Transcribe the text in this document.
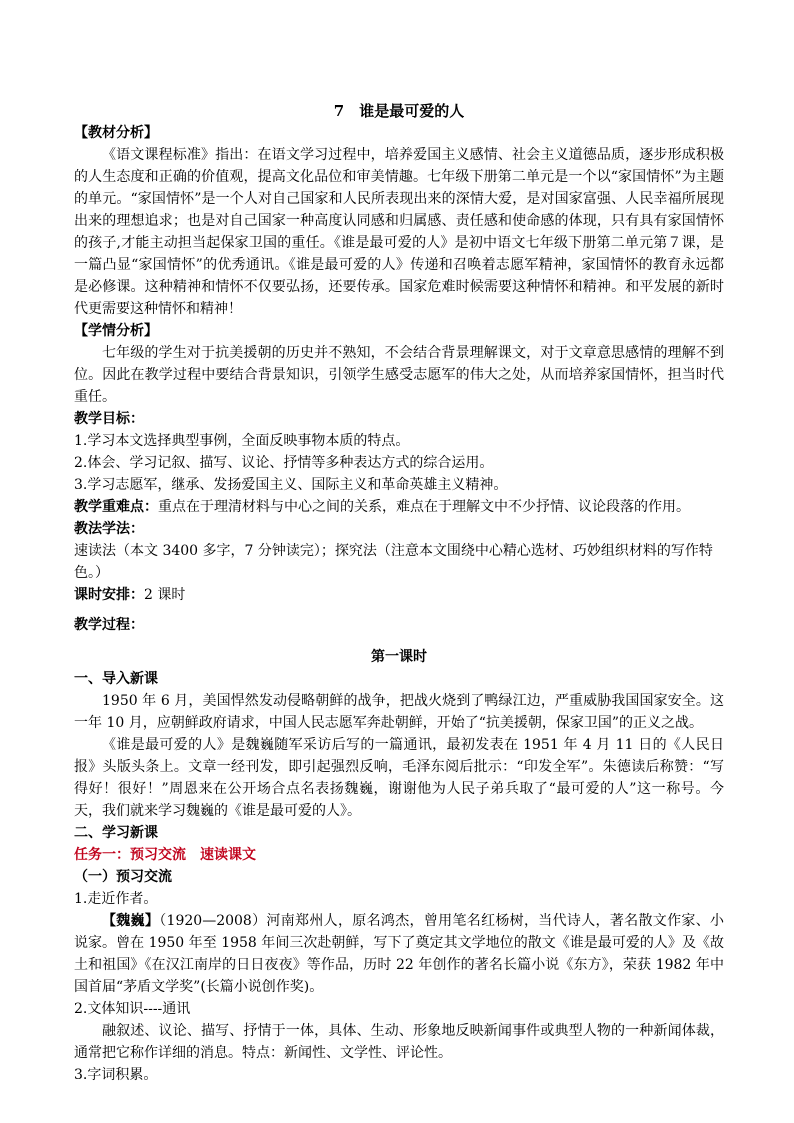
7　谁是最可爱的人

【教材分析】

《语文课程标准》指出：在语文学习过程中，培养爱国主义感情、社会主义道德品质，逐步形成积极的人生态度和正确的价值观，提高文化品位和审美情趣。七年级下册第二单元是一个以“家国情怀”为主题的单元。“家国情怀”是一个人对自己国家和人民所表现出来的深情大爱，是对国家富强、人民幸福所展现出来的理想追求；也是对自己国家一种高度认同感和归属感、责任感和使命感的体现，只有具有家国情怀的孩子,才能主动担当起保家卫国的重任。《谁是最可爱的人》是初中语文七年级下册第二单元第７课，是一篇凸显“家国情怀”的优秀通讯。《谁是最可爱的人》传递和召唤着志愿军精神，家国情怀的教育永远都是必修课。这种精神和情怀不仅要弘扬，还要传承。国家危难时候需要这种情怀和精神。和平发展的新时代更需要这种情怀和精神！

【学情分析】

七年级的学生对于抗美援朝的历史并不熟知，不会结合背景理解课文，对于文章意思感情的理解不到位。因此在教学过程中要结合背景知识，引领学生感受志愿军的伟大之处，从而培养家国情怀，担当时代重任。

教学目标：

1.学习本文选择典型事例，全面反映事物本质的特点。

2.体会、学习记叙、描写、议论、抒情等多种表达方式的综合运用。

3.学习志愿军，继承、发扬爱国主义、国际主义和革命英雄主义精神。

教学重难点：重点在于理清材料与中心之间的关系，难点在于理解文中不少抒情、议论段落的作用。

教法学法：

速读法（本文 3400 多字，7 分钟读完）；探究法（注意本文围绕中心精心选材、巧妙组织材料的写作特色。）

课时安排：2 课时

教学过程：

第一课时

一、导入新课

1950 年 6 月，美国悍然发动侵略朝鲜的战争，把战火烧到了鸭绿江边，严重威胁我国国家安全。这一年 10 月，应朝鲜政府请求，中国人民志愿军奔赴朝鲜，开始了“抗美援朝，保家卫国”的正义之战。

《谁是最可爱的人》是魏巍随军采访后写的一篇通讯，最初发表在 1951 年 4 月 11 日的《人民日报》头版头条上。文章一经刊发，即引起强烈反响，毛泽东阅后批示：“印发全军”。朱德读后称赞：“写得好！很好！”周恩来在公开场合点名表扬魏巍，谢谢他为人民子弟兵取了“最可爱的人”这一称号。今天，我们就来学习魏巍的《谁是最可爱的人》。

二、学习新课

任务一：预习交流　速读课文

（一）预习交流

1.走近作者。

【魏巍】（1920—2008）河南郑州人，原名鸿杰，曾用笔名红杨树，当代诗人，著名散文作家、小说家。曾在 1950 年至 1958 年间三次赴朝鲜，写下了奠定其文学地位的散文《谁是最可爱的人》及《故土和祖国》《在汉江南岸的日日夜夜》等作品，历时 22 年创作的著名长篇小说《东方》，荣获 1982 年中国首届“茅盾文学奖”(长篇小说创作奖)。

2.文体知识----通讯

融叙述、议论、描写、抒情于一体，具体、生动、形象地反映新闻事件或典型人物的一种新闻体裁，通常把它称作详细的消息。特点：新闻性、文学性、评论性。

3.字词积累。
